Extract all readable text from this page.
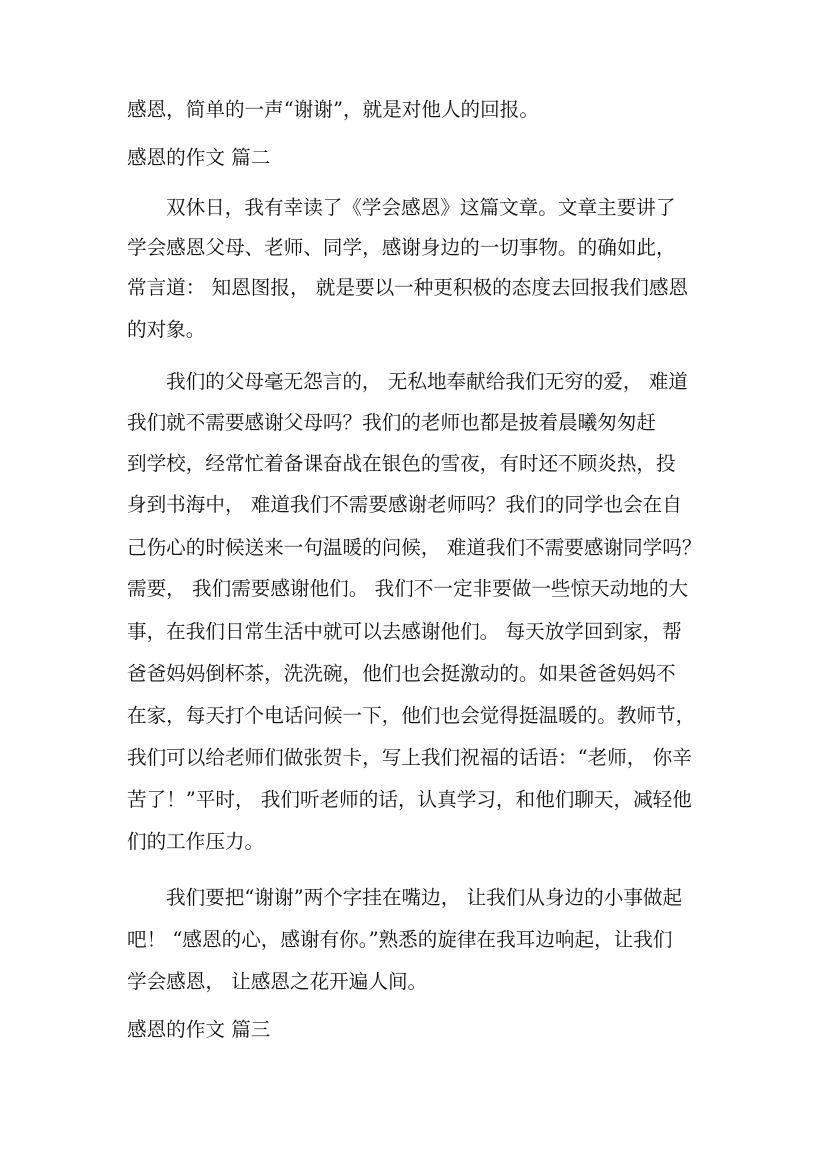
感恩，简单的一声“谢谢”，就是对他人的回报。
感恩的作文 篇二
双休日，我有幸读了《学会感恩》这篇文章。文章主要讲了
学会感恩父母、老师、同学，感谢身边的一切事物。的确如此，
常言道： 知恩图报， 就是要以一种更积极的态度去回报我们感恩
的对象。
我们的父母毫无怨言的， 无私地奉献给我们无穷的爱， 难道
我们就不需要感谢父母吗？我们的老师也都是披着晨曦匆匆赶
到学校，经常忙着备课奋战在银色的雪夜，有时还不顾炎热，投
身到书海中， 难道我们不需要感谢老师吗？我们的同学也会在自
己伤心的时候送来一句温暖的问候， 难道我们不需要感谢同学吗？
需要， 我们需要感谢他们。 我们不一定非要做一些惊天动地的大
事，在我们日常生活中就可以去感谢他们。 每天放学回到家，帮
爸爸妈妈倒杯茶，洗洗碗，他们也会挺激动的。如果爸爸妈妈不
在家，每天打个电话问候一下，他们也会觉得挺温暖的。教师节，
我们可以给老师们做张贺卡，写上我们祝福的话语：“老师， 你辛
苦了！”平时， 我们听老师的话，认真学习，和他们聊天，减轻他
们的工作压力。
我们要把“谢谢”两个字挂在嘴边， 让我们从身边的小事做起
吧！ “感恩的心，感谢有你。”熟悉的旋律在我耳边响起，让我们
学会感恩， 让感恩之花开遍人间。
感恩的作文 篇三
